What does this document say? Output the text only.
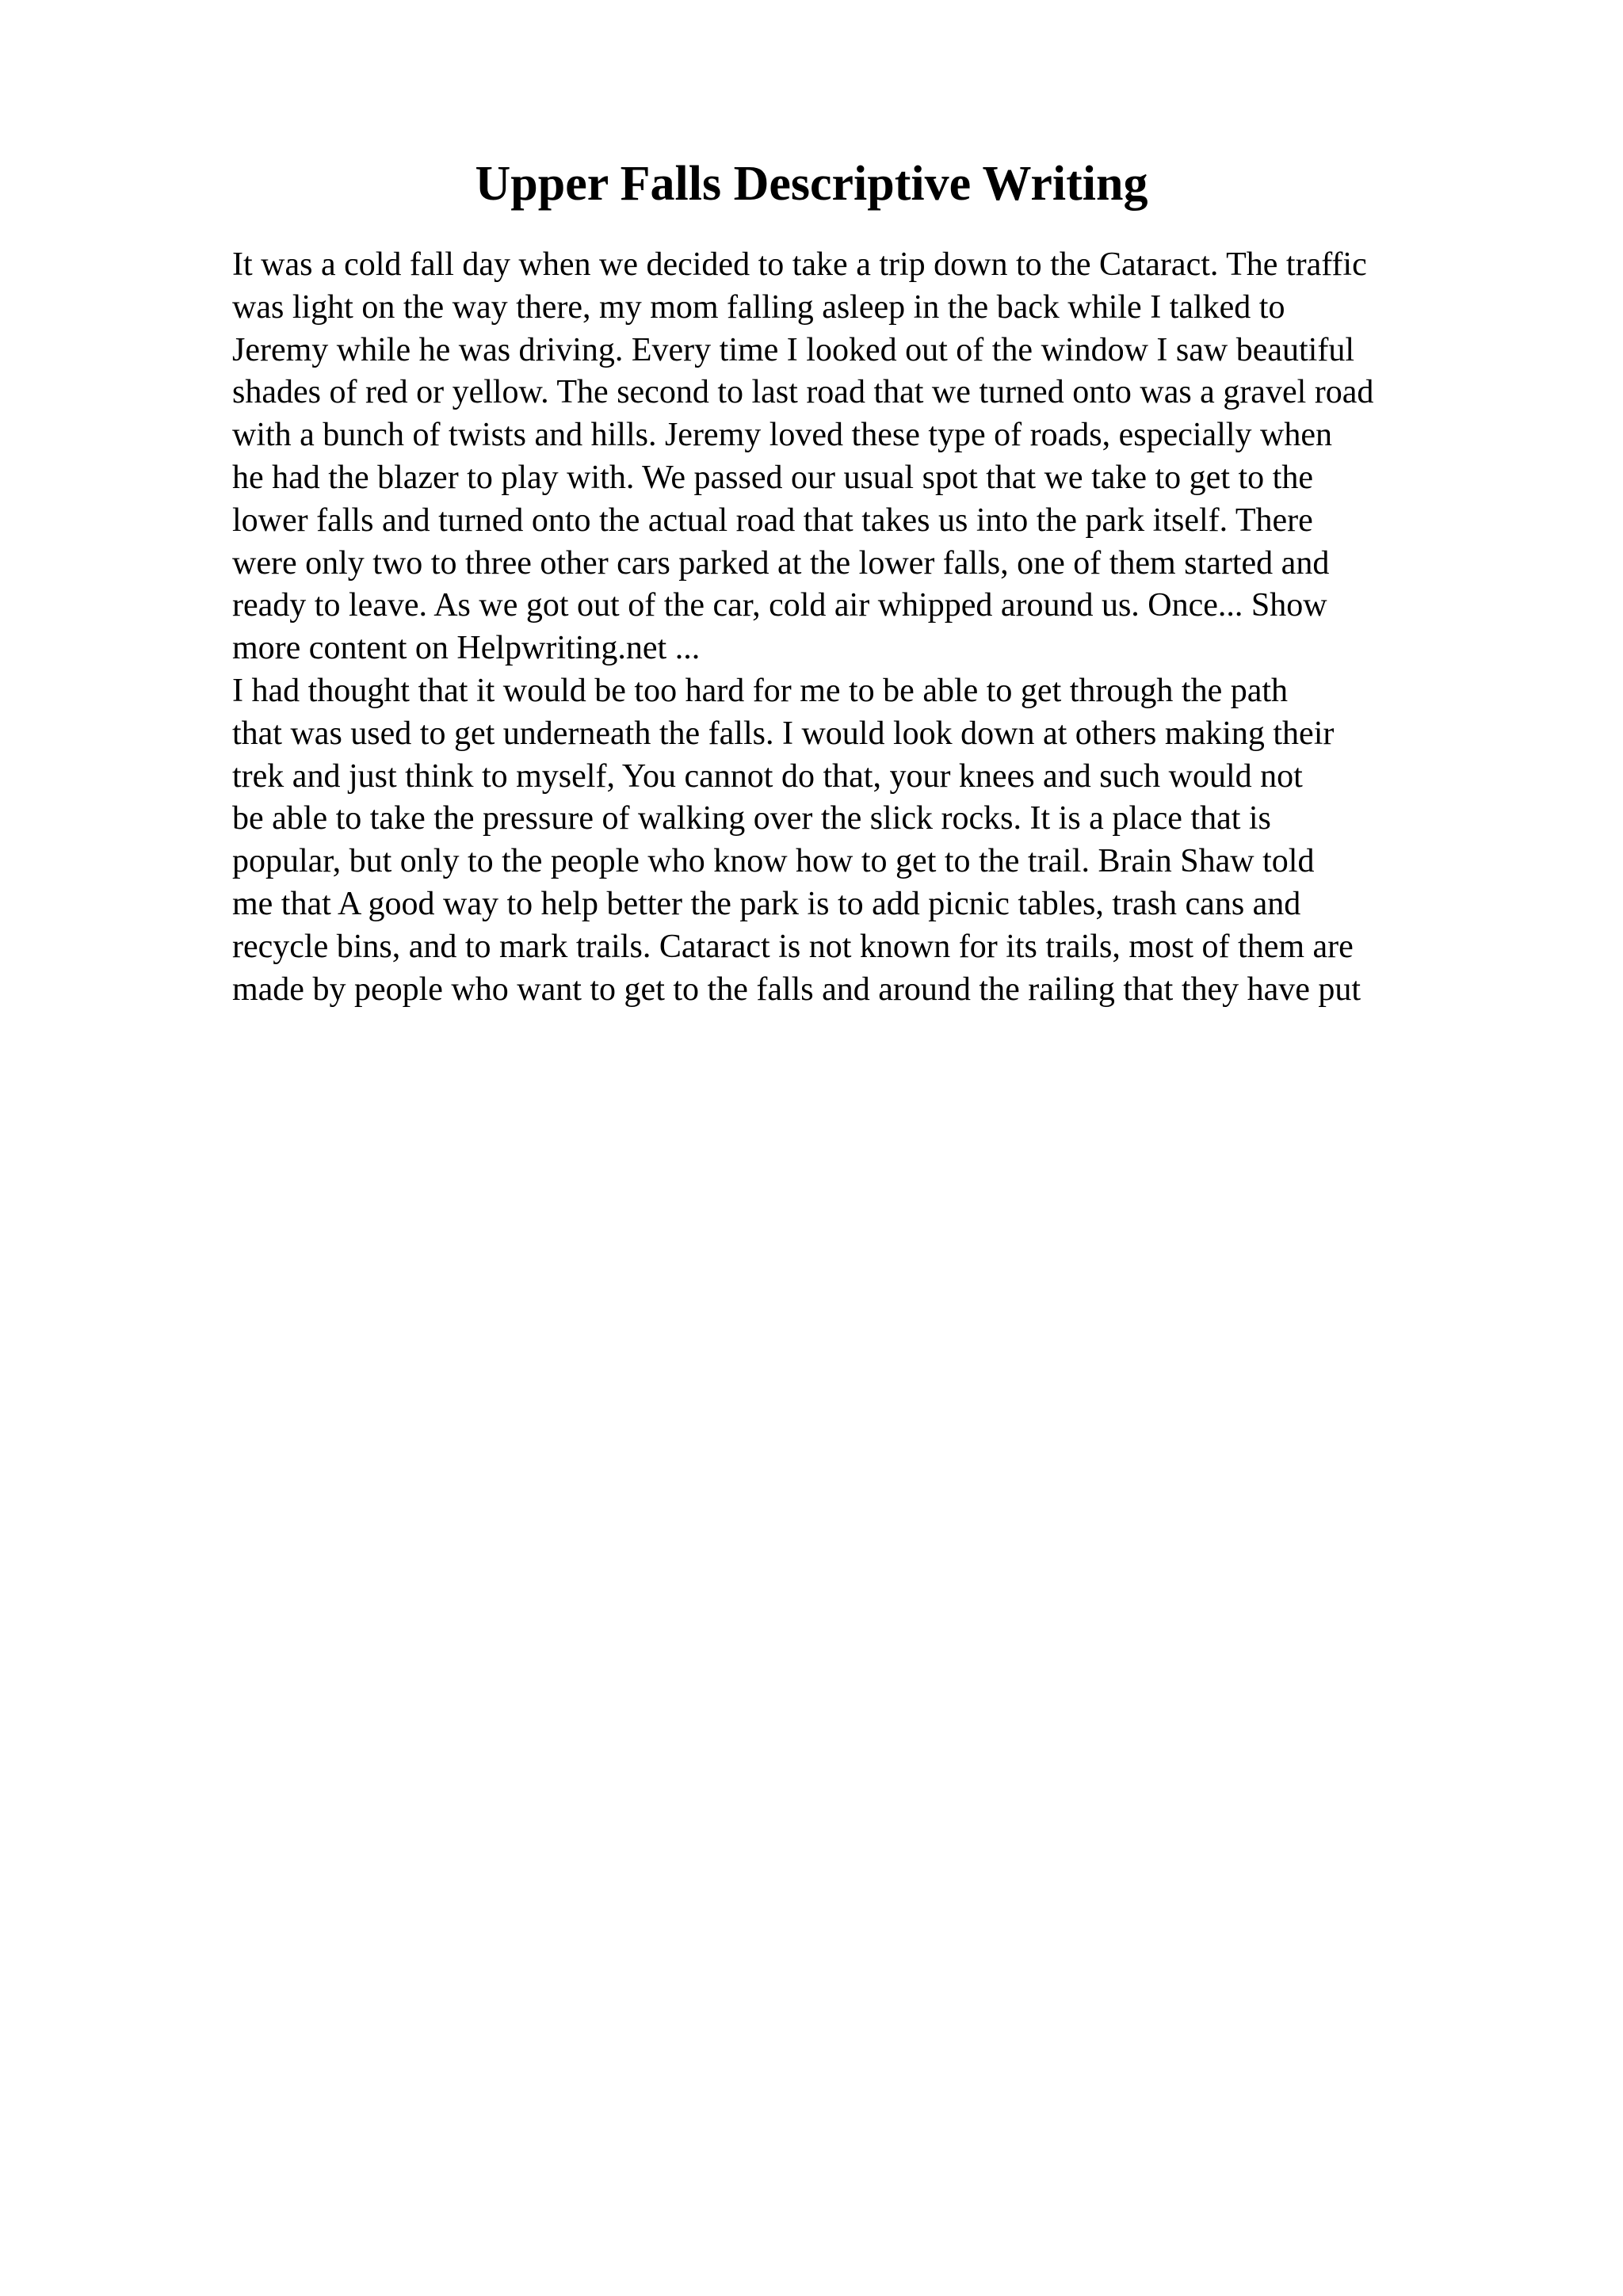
Upper Falls Descriptive Writing
It was a cold fall day when we decided to take a trip down to the Cataract. The traffic
was light on the way there, my mom falling asleep in the back while I talked to
Jeremy while he was driving. Every time I looked out of the window I saw beautiful
shades of red or yellow. The second to last road that we turned onto was a gravel road
with a bunch of twists and hills. Jeremy loved these type of roads, especially when
he had the blazer to play with. We passed our usual spot that we take to get to the
lower falls and turned onto the actual road that takes us into the park itself. There
were only two to three other cars parked at the lower falls, one of them started and
ready to leave. As we got out of the car, cold air whipped around us. Once... Show
more content on Helpwriting.net ...
I had thought that it would be too hard for me to be able to get through the path
that was used to get underneath the falls. I would look down at others making their
trek and just think to myself, You cannot do that, your knees and such would not
be able to take the pressure of walking over the slick rocks. It is a place that is
popular, but only to the people who know how to get to the trail. Brain Shaw told
me that A good way to help better the park is to add picnic tables, trash cans and
recycle bins, and to mark trails. Cataract is not known for its trails, most of them are
made by people who want to get to the falls and around the railing that they have put
